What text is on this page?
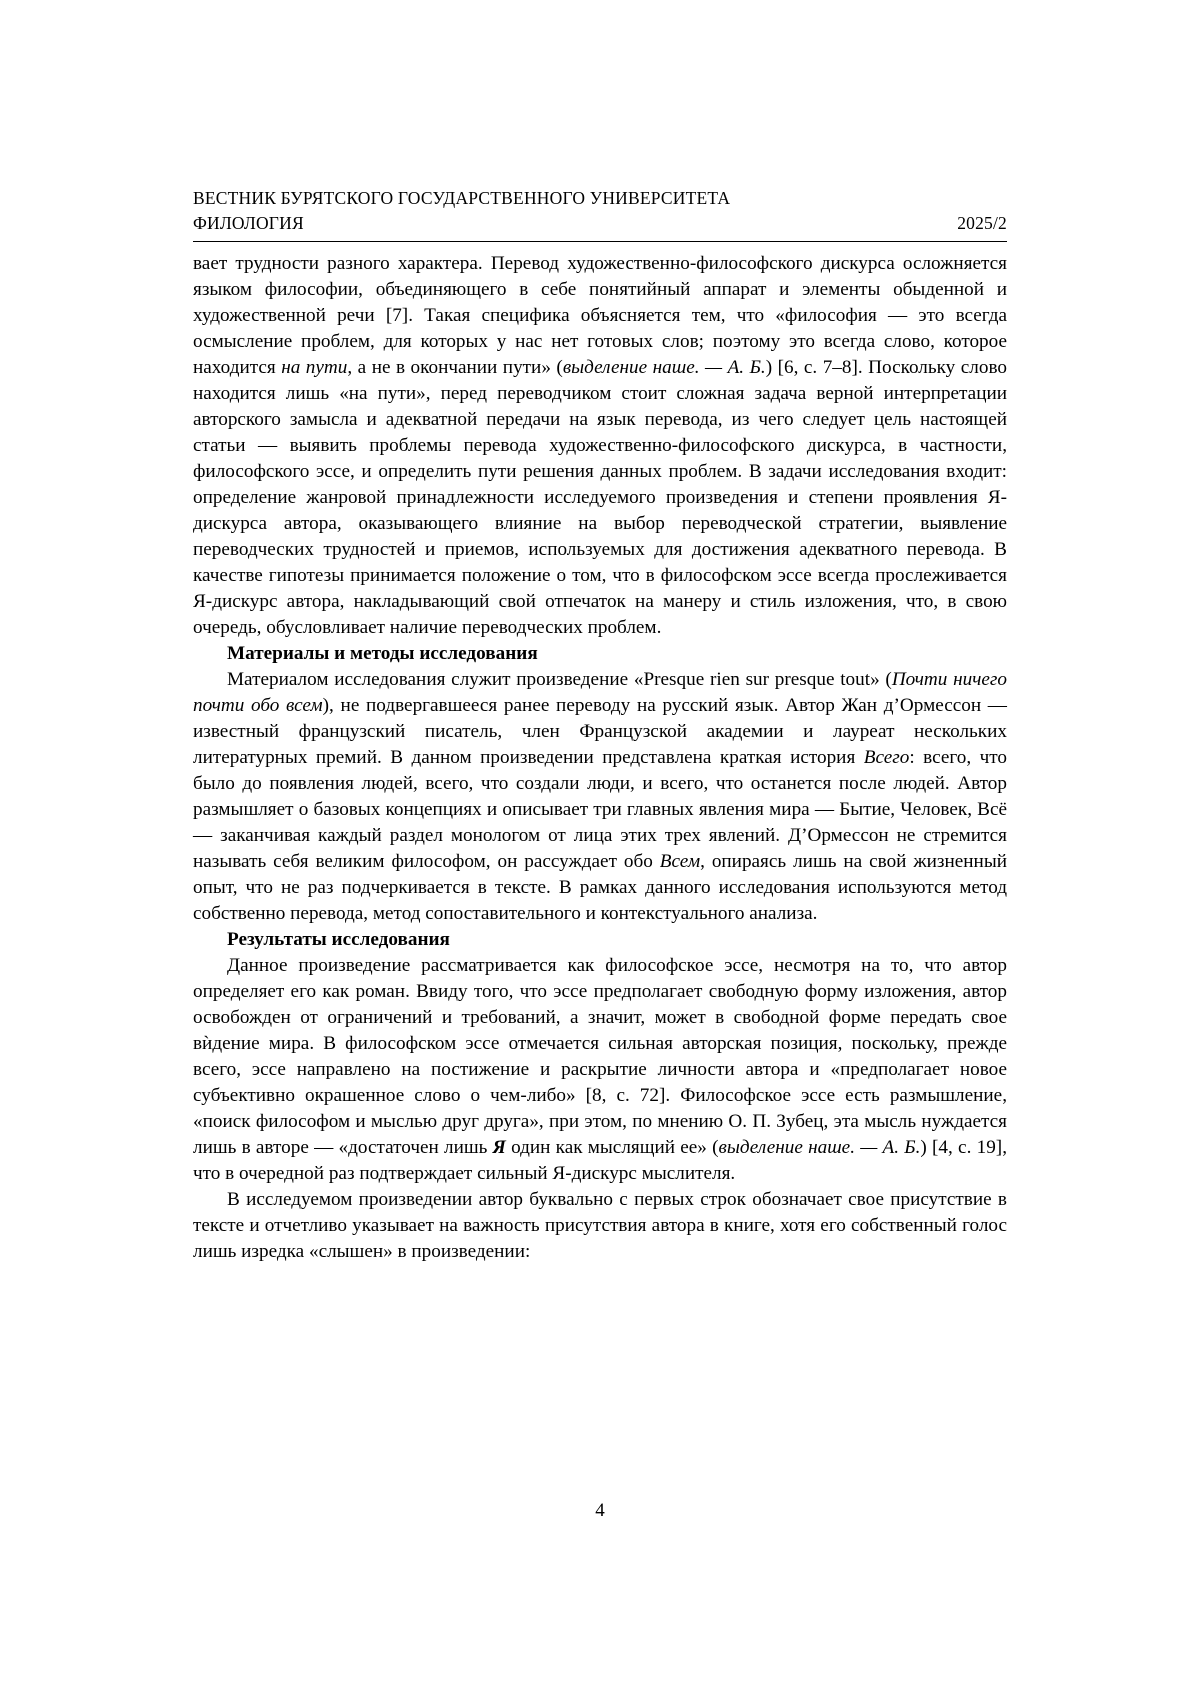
ВЕСТНИК БУРЯТСКОГО ГОСУДАРСТВЕННОГО УНИВЕРСИТЕТА
ФИЛОЛОГИЯ	2025/2

вает трудности разного характера. Перевод художественно-философского дискурса осложняется языком философии, объединяющего в себе понятийный аппарат и элементы обыденной и художественной речи [7]. Такая специфика объясняется тем, что «философия — это всегда осмысление проблем, для которых у нас нет готовых слов; поэтому это всегда слово, которое находится на пути, а не в окончании пути» (выделение наше. — А. Б.) [6, с. 7–8]. Поскольку слово находится лишь «на пути», перед переводчиком стоит сложная задача верной интерпретации авторского замысла и адекватной передачи на язык перевода, из чего следует цель настоящей статьи — выявить проблемы перевода художественно-философского дискурса, в частности, философского эссе, и определить пути решения данных проблем. В задачи исследования входит: определение жанровой принадлежности исследуемого произведения и степени проявления Я-дискурса автора, оказывающего влияние на выбор переводческой стратегии, выявление переводческих трудностей и приемов, используемых для достижения адекватного перевода. В качестве гипотезы принимается положение о том, что в философском эссе всегда прослеживается Я-дискурс автора, накладывающий свой отпечаток на манеру и стиль изложения, что, в свою очередь, обусловливает наличие переводческих проблем.

Материалы и методы исследования

Материалом исследования служит произведение «Presque rien sur presque tout» (Почти ничего почти обо всем), не подвергавшееся ранее переводу на русский язык. Автор Жан д’Ормессон — известный французский писатель, член Французской академии и лауреат нескольких литературных премий. В данном произведении представлена краткая история Всего: всего, что было до появления людей, всего, что создали люди, и всего, что останется после людей. Автор размышляет о базовых концепциях и описывает три главных явления мира — Бытие, Человек, Всё — заканчивая каждый раздел монологом от лица этих трех явлений. Д’Ормессон не стремится называть себя великим философом, он рассуждает обо Всем, опираясь лишь на свой жизненный опыт, что не раз подчеркивается в тексте. В рамках данного исследования используются метод собственно перевода, метод сопоставительного и контекстуального анализа.

Результаты исследования

Данное произведение рассматривается как философское эссе, несмотря на то, что автор определяет его как роман. Ввиду того, что эссе предполагает свободную форму изложения, автор освобожден от ограничений и требований, а значит, может в свободной форме передать свое вѝдение мира. В философском эссе отмечается сильная авторская позиция, поскольку, прежде всего, эссе направлено на постижение и раскрытие личности автора и «предполагает новое субъективно окрашенное слово о чем-либо» [8, с. 72]. Философское эссе есть размышление, «поиск философом и мыслью друг друга», при этом, по мнению О. П. Зубец, эта мысль нуждается лишь в авторе — «достаточен лишь Я один как мыслящий ее» (выделение наше. — А. Б.) [4, с. 19], что в очередной раз подтверждает сильный Я-дискурс мыслителя.

В исследуемом произведении автор буквально с первых строк обозначает свое присутствие в тексте и отчетливо указывает на важность присутствия автора в книге, хотя его собственный голос лишь изредка «слышен» в произведении:

4
